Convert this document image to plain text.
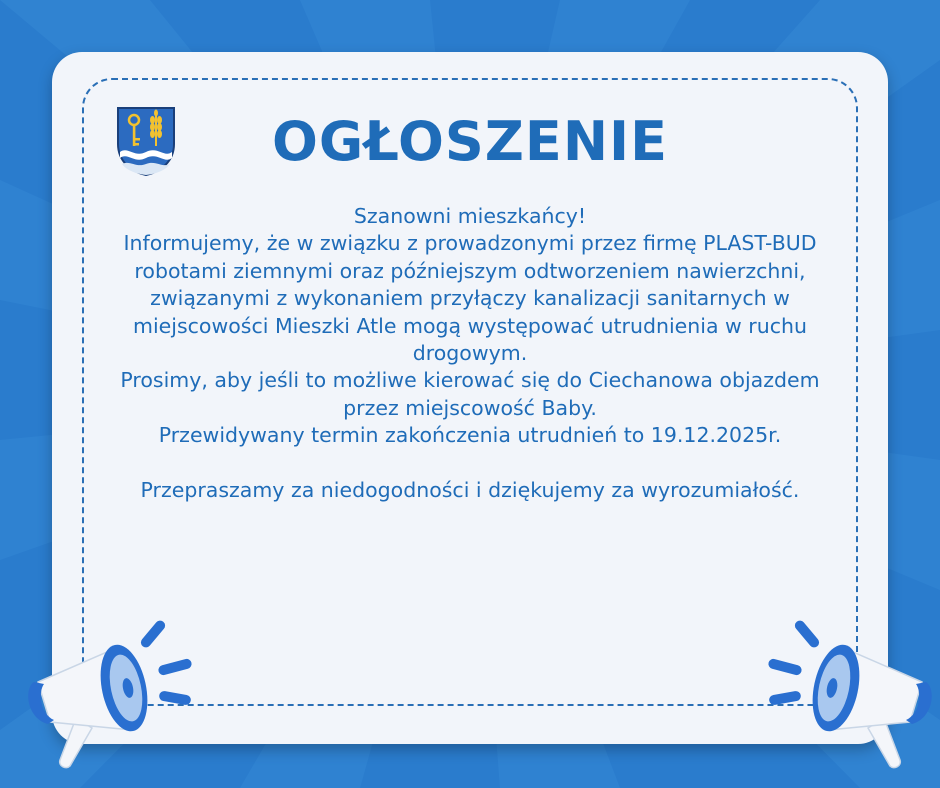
OGŁOSZENIE

Szanowni mieszkańcy!

Informujemy, że w związku z prowadzonymi przez firmę PLAST-BUD robotami ziemnymi oraz późniejszym odtworzeniem nawierzchni, związanymi z wykonaniem przyłączy kanalizacji sanitarnych w miejscowości Mieszki Atle mogą występować utrudnienia w ruchu drogowym.

Prosimy, aby jeśli to możliwe kierować się do Ciechanowa objazdem przez miejscowość Baby.

Przewidywany termin zakończenia utrudnień to 19.12.2025r.

Przepraszamy za niedogodności i dziękujemy za wyrozumiałość.
